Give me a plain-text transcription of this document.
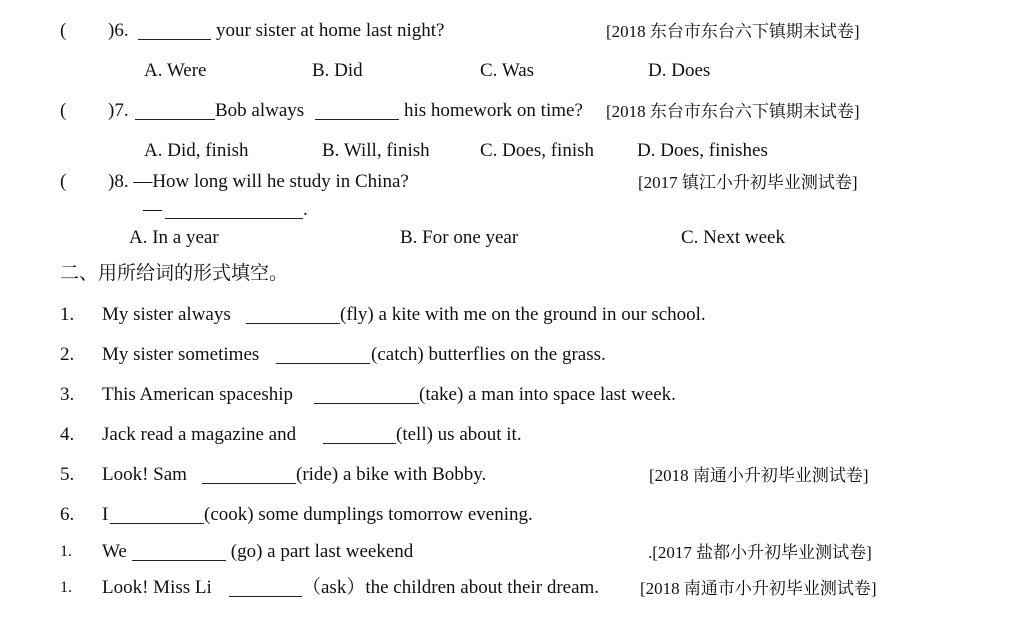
( )6.	your sister at home last night?	[2018 东台市东台六下镇期末试卷]
A. Were	B. Did	C. Was	D. Does
( )7.	Bob always	his homework on time? [2018 东台市东台六下镇期末试卷]
A. Did, finish	B. Will, finish	C. Does, finish D. Does, finishes
( )8. —How long will he study in China?	[2017 镇江小升初毕业测试卷]
—	.
A. In a year	B. For one year	C. Next week
二、用所给词的形式填空。
1. My sister always	(fly) a kite with me on the ground in our school.
2. My sister sometimes	(catch) butterflies on the grass.
3. This American spaceship	(take) a man into space last week.
4. Jack read a magazine and	(tell) us about it.
5. Look! Sam	(ride) a bike with Bobby.	[2018 南通小升初毕业测试卷]
6. I	(cook) some dumplings tomorrow evening.
1. We	(go) a part last weekend	.[2017 盐都小升初毕业测试卷]
1. Look! Miss Li	（ask）the children about their dream. [2018 南通市小升初毕业测试卷]
